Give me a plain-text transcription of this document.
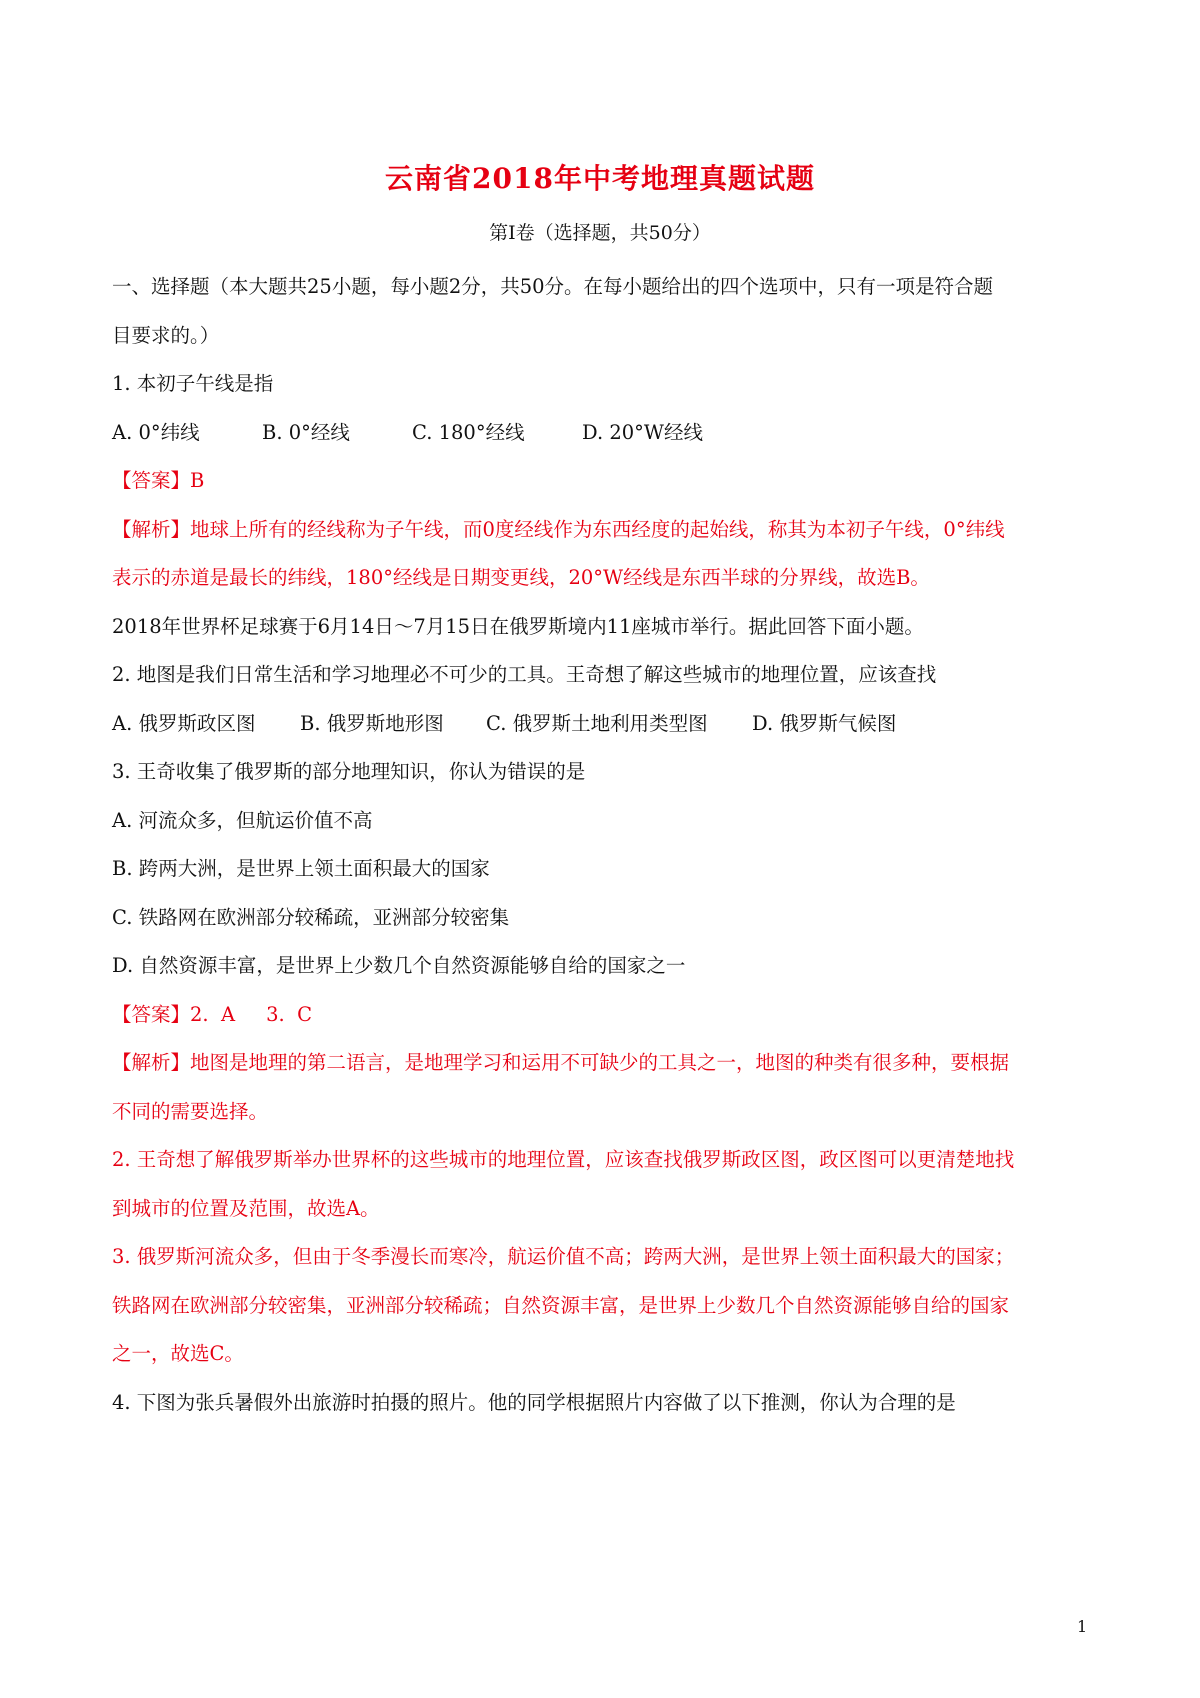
云南省2018年中考地理真题试题
第I卷（选择题，共50分）
一、选择题（本大题共25小题，每小题2分，共50分。在每小题给出的四个选项中，只有一项是符合题
目要求的。）
1. 本初子午线是指
A. 0°纬线	B. 0°经线	C. 180°经线	D. 20°W经线
【答案】B
【解析】地球上所有的经线称为子午线，而0度经线作为东西经度的起始线，称其为本初子午线，0°纬线
表示的赤道是最长的纬线，180°经线是日期变更线，20°W经线是东西半球的分界线，故选B。
2018年世界杯足球赛于6月14日～7月15日在俄罗斯境内11座城市举行。据此回答下面小题。
2. 地图是我们日常生活和学习地理必不可少的工具。王奇想了解这些城市的地理位置，应该查找
A. 俄罗斯政区图 B. 俄罗斯地形图 C. 俄罗斯土地利用类型图 D. 俄罗斯气候图
3. 王奇收集了俄罗斯的部分地理知识，你认为错误的是
A. 河流众多，但航运价值不高
B. 跨两大洲，是世界上领土面积最大的国家
C. 铁路网在欧洲部分较稀疏，亚洲部分较密集
D. 自然资源丰富，是世界上少数几个自然资源能够自给的国家之一
【答案】2.  A     3.  C
【解析】地图是地理的第二语言，是地理学习和运用不可缺少的工具之一，地图的种类有很多种，要根据
不同的需要选择。
2. 王奇想了解俄罗斯举办世界杯的这些城市的地理位置，应该查找俄罗斯政区图，政区图可以更清楚地找
到城市的位置及范围，故选A。
3. 俄罗斯河流众多，但由于冬季漫长而寒冷，航运价值不高；跨两大洲，是世界上领土面积最大的国家；
铁路网在欧洲部分较密集，亚洲部分较稀疏；自然资源丰富，是世界上少数几个自然资源能够自给的国家
之一，故选C。
4. 下图为张兵暑假外出旅游时拍摄的照片。他的同学根据照片内容做了以下推测，你认为合理的是
1
